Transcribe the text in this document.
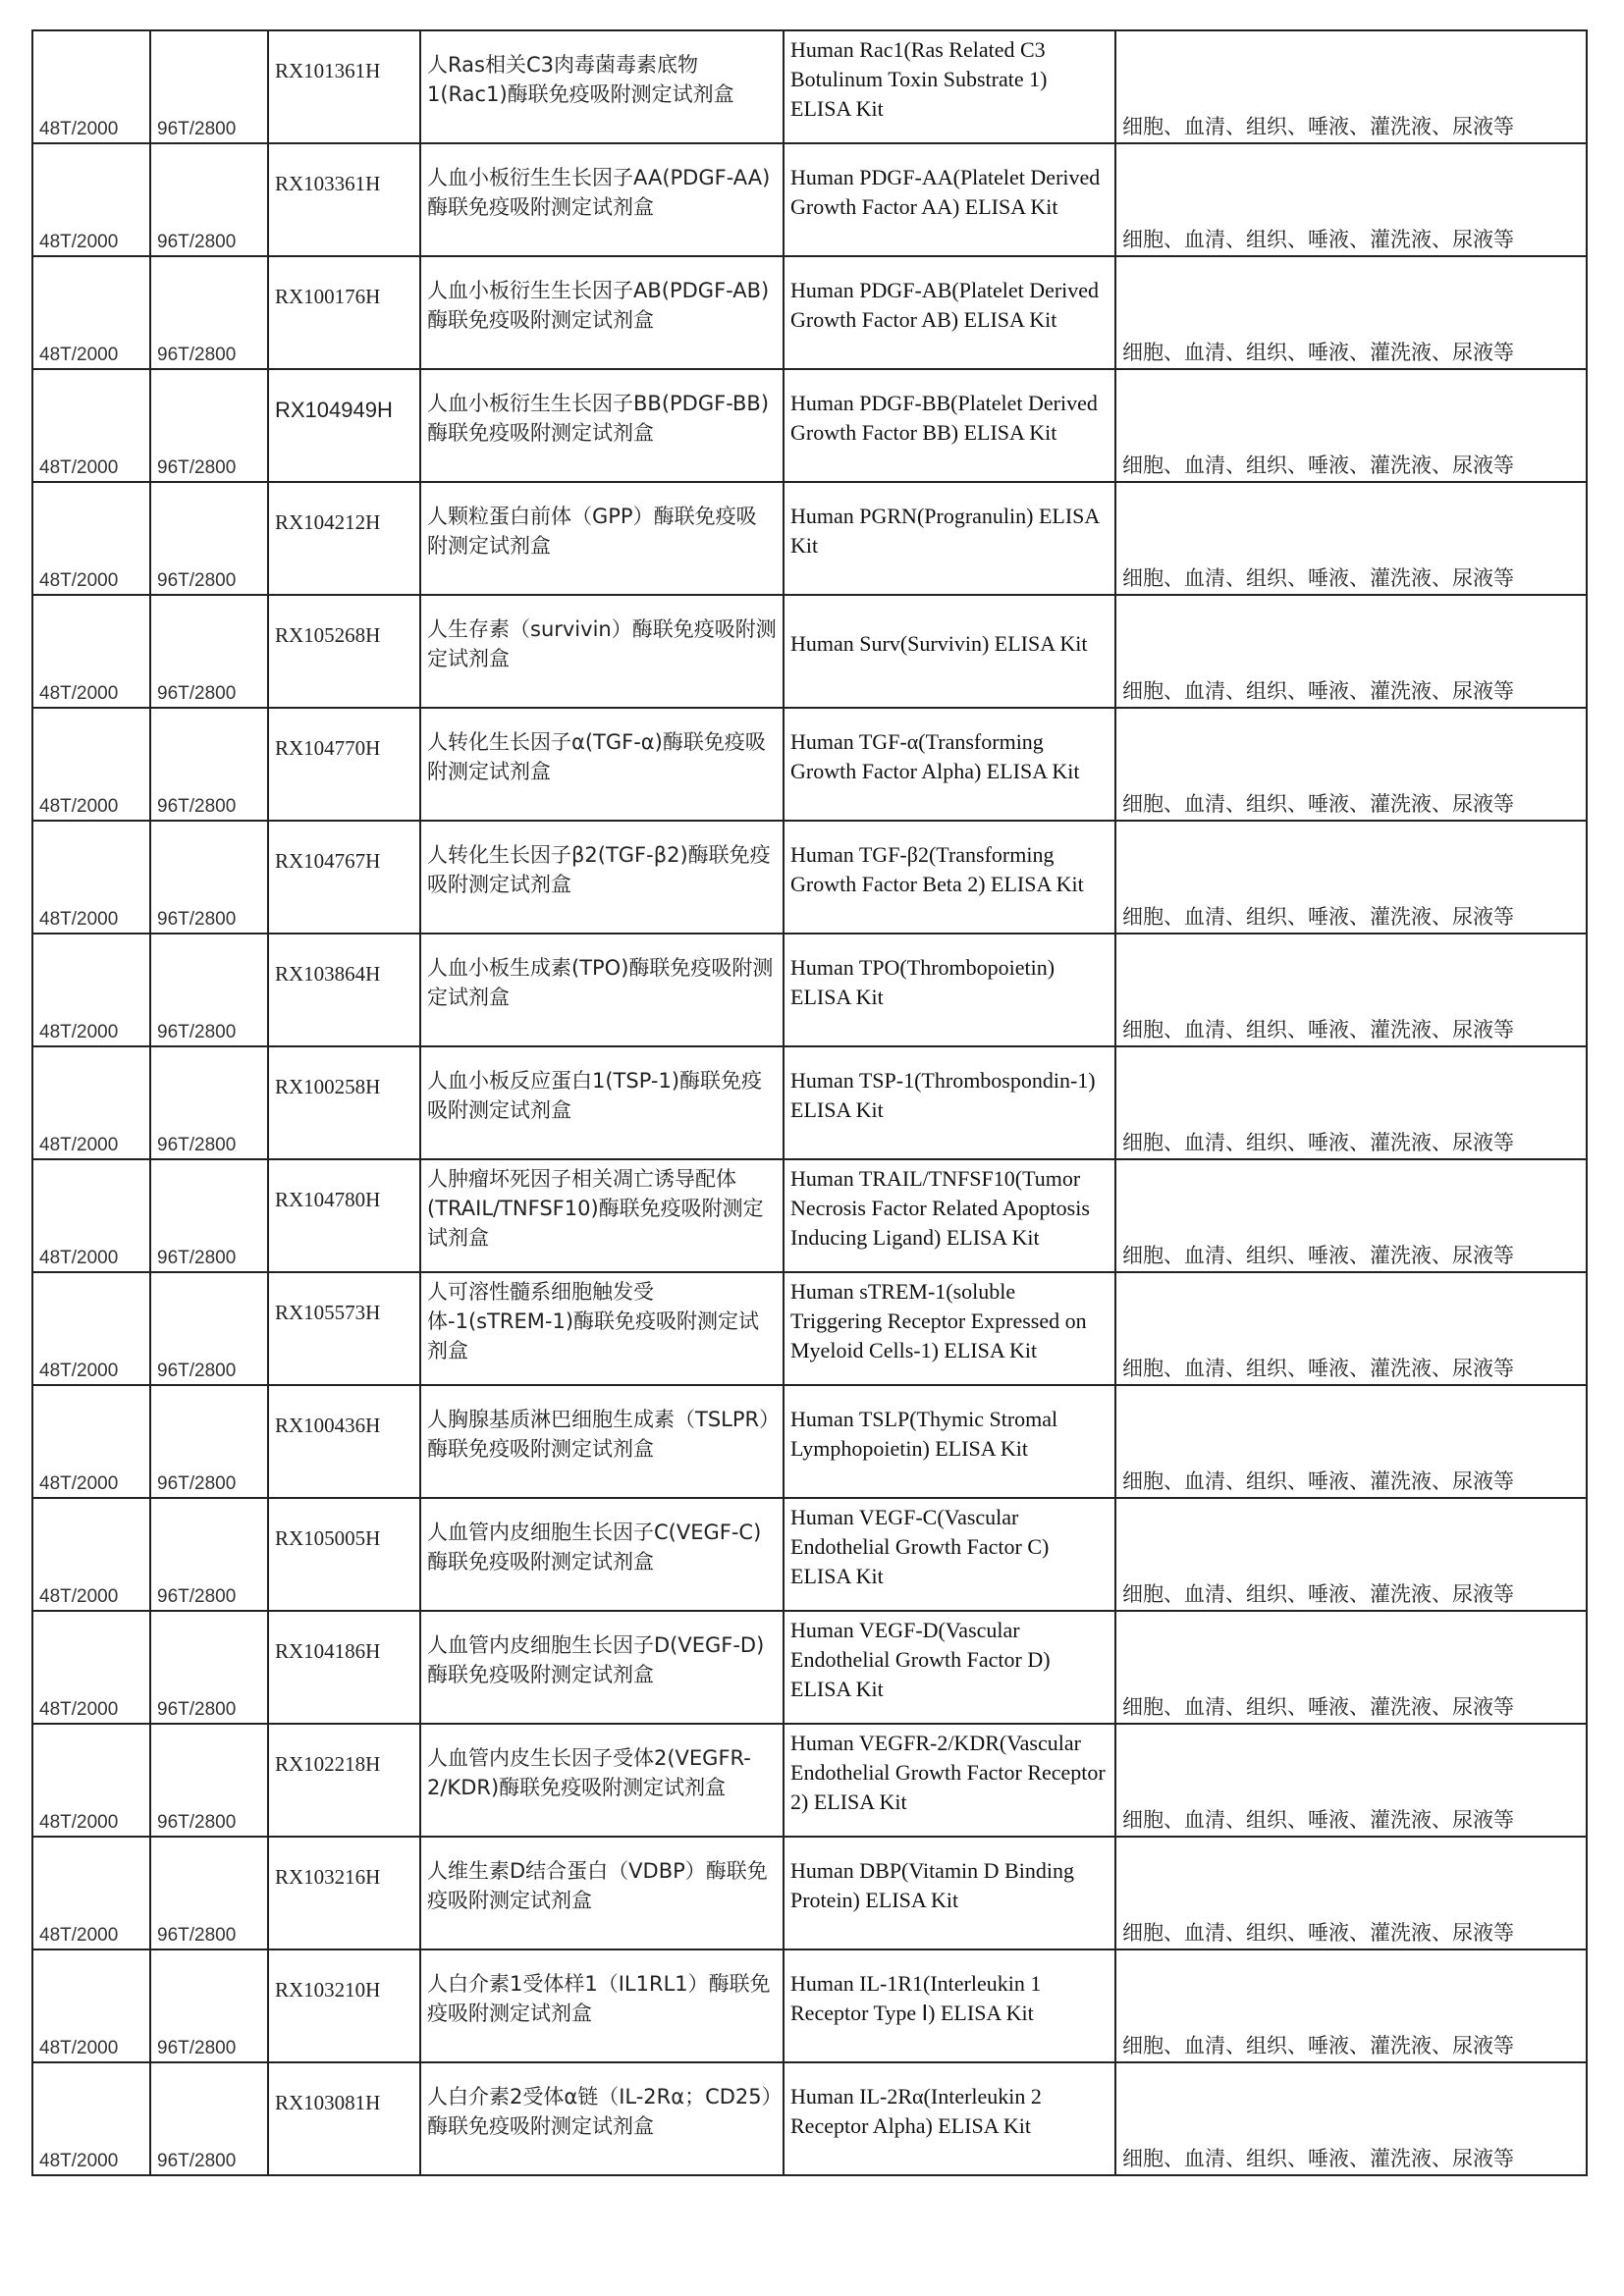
48T/2000	96T/2800	RX101361H	人Ras相关C3肉毒菌毒素底物1(Rac1)酶联免疫吸附测定试剂盒	Human Rac1(Ras Related C3 Botulinum Toxin Substrate 1) ELISA Kit	细胞、血清、组织、唾液、灌洗液、尿液等
48T/2000	96T/2800	RX103361H	人血小板衍生生长因子AA(PDGF-AA)酶联免疫吸附测定试剂盒	Human PDGF-AA(Platelet Derived Growth Factor AA) ELISA Kit	细胞、血清、组织、唾液、灌洗液、尿液等
48T/2000	96T/2800	RX100176H	人血小板衍生生长因子AB(PDGF-AB)酶联免疫吸附测定试剂盒	Human PDGF-AB(Platelet Derived Growth Factor AB) ELISA Kit	细胞、血清、组织、唾液、灌洗液、尿液等
48T/2000	96T/2800	RX104949H	人血小板衍生生长因子BB(PDGF-BB)酶联免疫吸附测定试剂盒	Human PDGF-BB(Platelet Derived Growth Factor BB) ELISA Kit	细胞、血清、组织、唾液、灌洗液、尿液等
48T/2000	96T/2800	RX104212H	人颗粒蛋白前体（GPP）酶联免疫吸附测定试剂盒	Human PGRN(Progranulin) ELISA Kit	细胞、血清、组织、唾液、灌洗液、尿液等
48T/2000	96T/2800	RX105268H	人生存素（survivin）酶联免疫吸附测定试剂盒	Human Surv(Survivin) ELISA Kit	细胞、血清、组织、唾液、灌洗液、尿液等
48T/2000	96T/2800	RX104770H	人转化生长因子α(TGF-α)酶联免疫吸附测定试剂盒	Human TGF-α(Transforming Growth Factor Alpha) ELISA Kit	细胞、血清、组织、唾液、灌洗液、尿液等
48T/2000	96T/2800	RX104767H	人转化生长因子β2(TGF-β2)酶联免疫吸附测定试剂盒	Human TGF-β2(Transforming Growth Factor Beta 2) ELISA Kit	细胞、血清、组织、唾液、灌洗液、尿液等
48T/2000	96T/2800	RX103864H	人血小板生成素(TPO)酶联免疫吸附测定试剂盒	Human TPO(Thrombopoietin) ELISA Kit	细胞、血清、组织、唾液、灌洗液、尿液等
48T/2000	96T/2800	RX100258H	人血小板反应蛋白1(TSP-1)酶联免疫吸附测定试剂盒	Human TSP-1(Thrombospondin-1) ELISA Kit	细胞、血清、组织、唾液、灌洗液、尿液等
48T/2000	96T/2800	RX104780H	人肿瘤坏死因子相关凋亡诱导配体(TRAIL/TNFSF10)酶联免疫吸附测定试剂盒	Human TRAIL/TNFSF10(Tumor Necrosis Factor Related Apoptosis Inducing Ligand) ELISA Kit	细胞、血清、组织、唾液、灌洗液、尿液等
48T/2000	96T/2800	RX105573H	人可溶性髓系细胞触发受体-1(sTREM-1)酶联免疫吸附测定试剂盒	Human sTREM-1(soluble Triggering Receptor Expressed on Myeloid Cells-1) ELISA Kit	细胞、血清、组织、唾液、灌洗液、尿液等
48T/2000	96T/2800	RX100436H	人胸腺基质淋巴细胞生成素（TSLPR）酶联免疫吸附测定试剂盒	Human TSLP(Thymic Stromal Lymphopoietin) ELISA Kit	细胞、血清、组织、唾液、灌洗液、尿液等
48T/2000	96T/2800	RX105005H	人血管内皮细胞生长因子C(VEGF-C)酶联免疫吸附测定试剂盒	Human VEGF-C(Vascular Endothelial Growth Factor C) ELISA Kit	细胞、血清、组织、唾液、灌洗液、尿液等
48T/2000	96T/2800	RX104186H	人血管内皮细胞生长因子D(VEGF-D)酶联免疫吸附测定试剂盒	Human VEGF-D(Vascular Endothelial Growth Factor D) ELISA Kit	细胞、血清、组织、唾液、灌洗液、尿液等
48T/2000	96T/2800	RX102218H	人血管内皮生长因子受体2(VEGFR-2/KDR)酶联免疫吸附测定试剂盒	Human VEGFR-2/KDR(Vascular Endothelial Growth Factor Receptor 2) ELISA Kit	细胞、血清、组织、唾液、灌洗液、尿液等
48T/2000	96T/2800	RX103216H	人维生素D结合蛋白（VDBP）酶联免疫吸附测定试剂盒	Human DBP(Vitamin D Binding Protein) ELISA Kit	细胞、血清、组织、唾液、灌洗液、尿液等
48T/2000	96T/2800	RX103210H	人白介素1受体样1（IL1RL1）酶联免疫吸附测定试剂盒	Human IL-1R1(Interleukin 1 Receptor Type Ⅰ) ELISA Kit	细胞、血清、组织、唾液、灌洗液、尿液等
48T/2000	96T/2800	RX103081H	人白介素2受体α链（IL-2Rα；CD25）酶联免疫吸附测定试剂盒	Human IL-2Rα(Interleukin 2 Receptor Alpha) ELISA Kit	细胞、血清、组织、唾液、灌洗液、尿液等
